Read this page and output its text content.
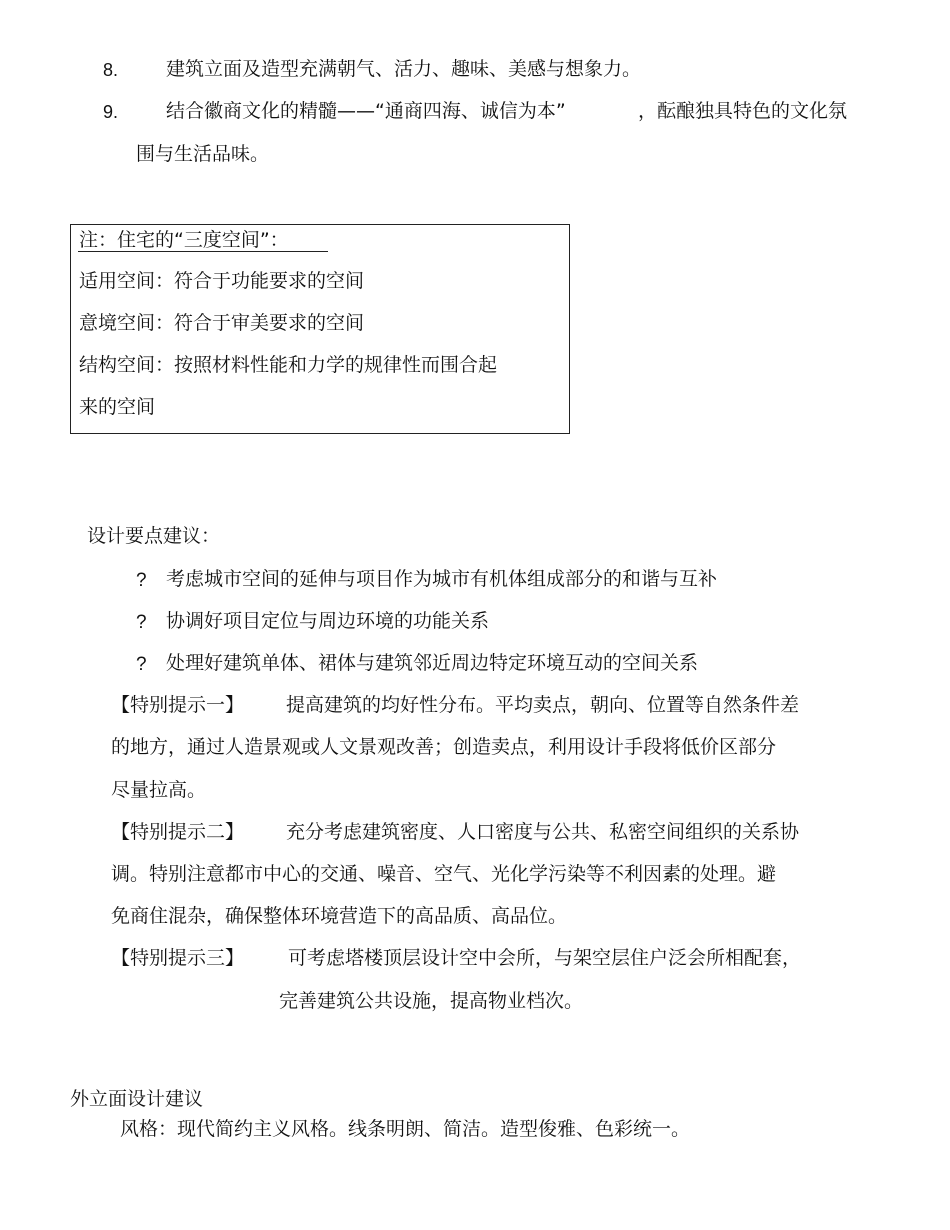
8.	建筑立面及造型充满朝气、活力、趣味、美感与想象力。
9.	结合徽商文化的精髓——“通商四海、诚信为本”	，酝酿独具特色的文化氛
围与生活品味。
注：住宅的“三度空间”：
适用空间：符合于功能要求的空间
意境空间：符合于审美要求的空间
结构空间：按照材料性能和力学的规律性而围合起
来的空间
设计要点建议：
? 考虑城市空间的延伸与项目作为城市有机体组成部分的和谐与互补
? 协调好项目定位与周边环境的功能关系
? 处理好建筑单体、裙体与建筑邻近周边特定环境互动的空间关系
【特别提示一】 提高建筑的均好性分布。平均卖点，朝向、位置等自然条件差
的地方，通过人造景观或人文景观改善；创造卖点，利用设计手段将低价区部分
尽量拉高。
【特别提示二】 充分考虑建筑密度、人口密度与公共、私密空间组织的关系协
调。特别注意都市中心的交通、噪音、空气、光化学污染等不利因素的处理。避
免商住混杂，确保整体环境营造下的高品质、高品位。
【特别提示三】 可考虑塔楼顶层设计空中会所，与架空层住户泛会所相配套，
完善建筑公共设施，提高物业档次。
外立面设计建议
风格：现代简约主义风格。线条明朗、简洁。造型俊雅、色彩统一。
